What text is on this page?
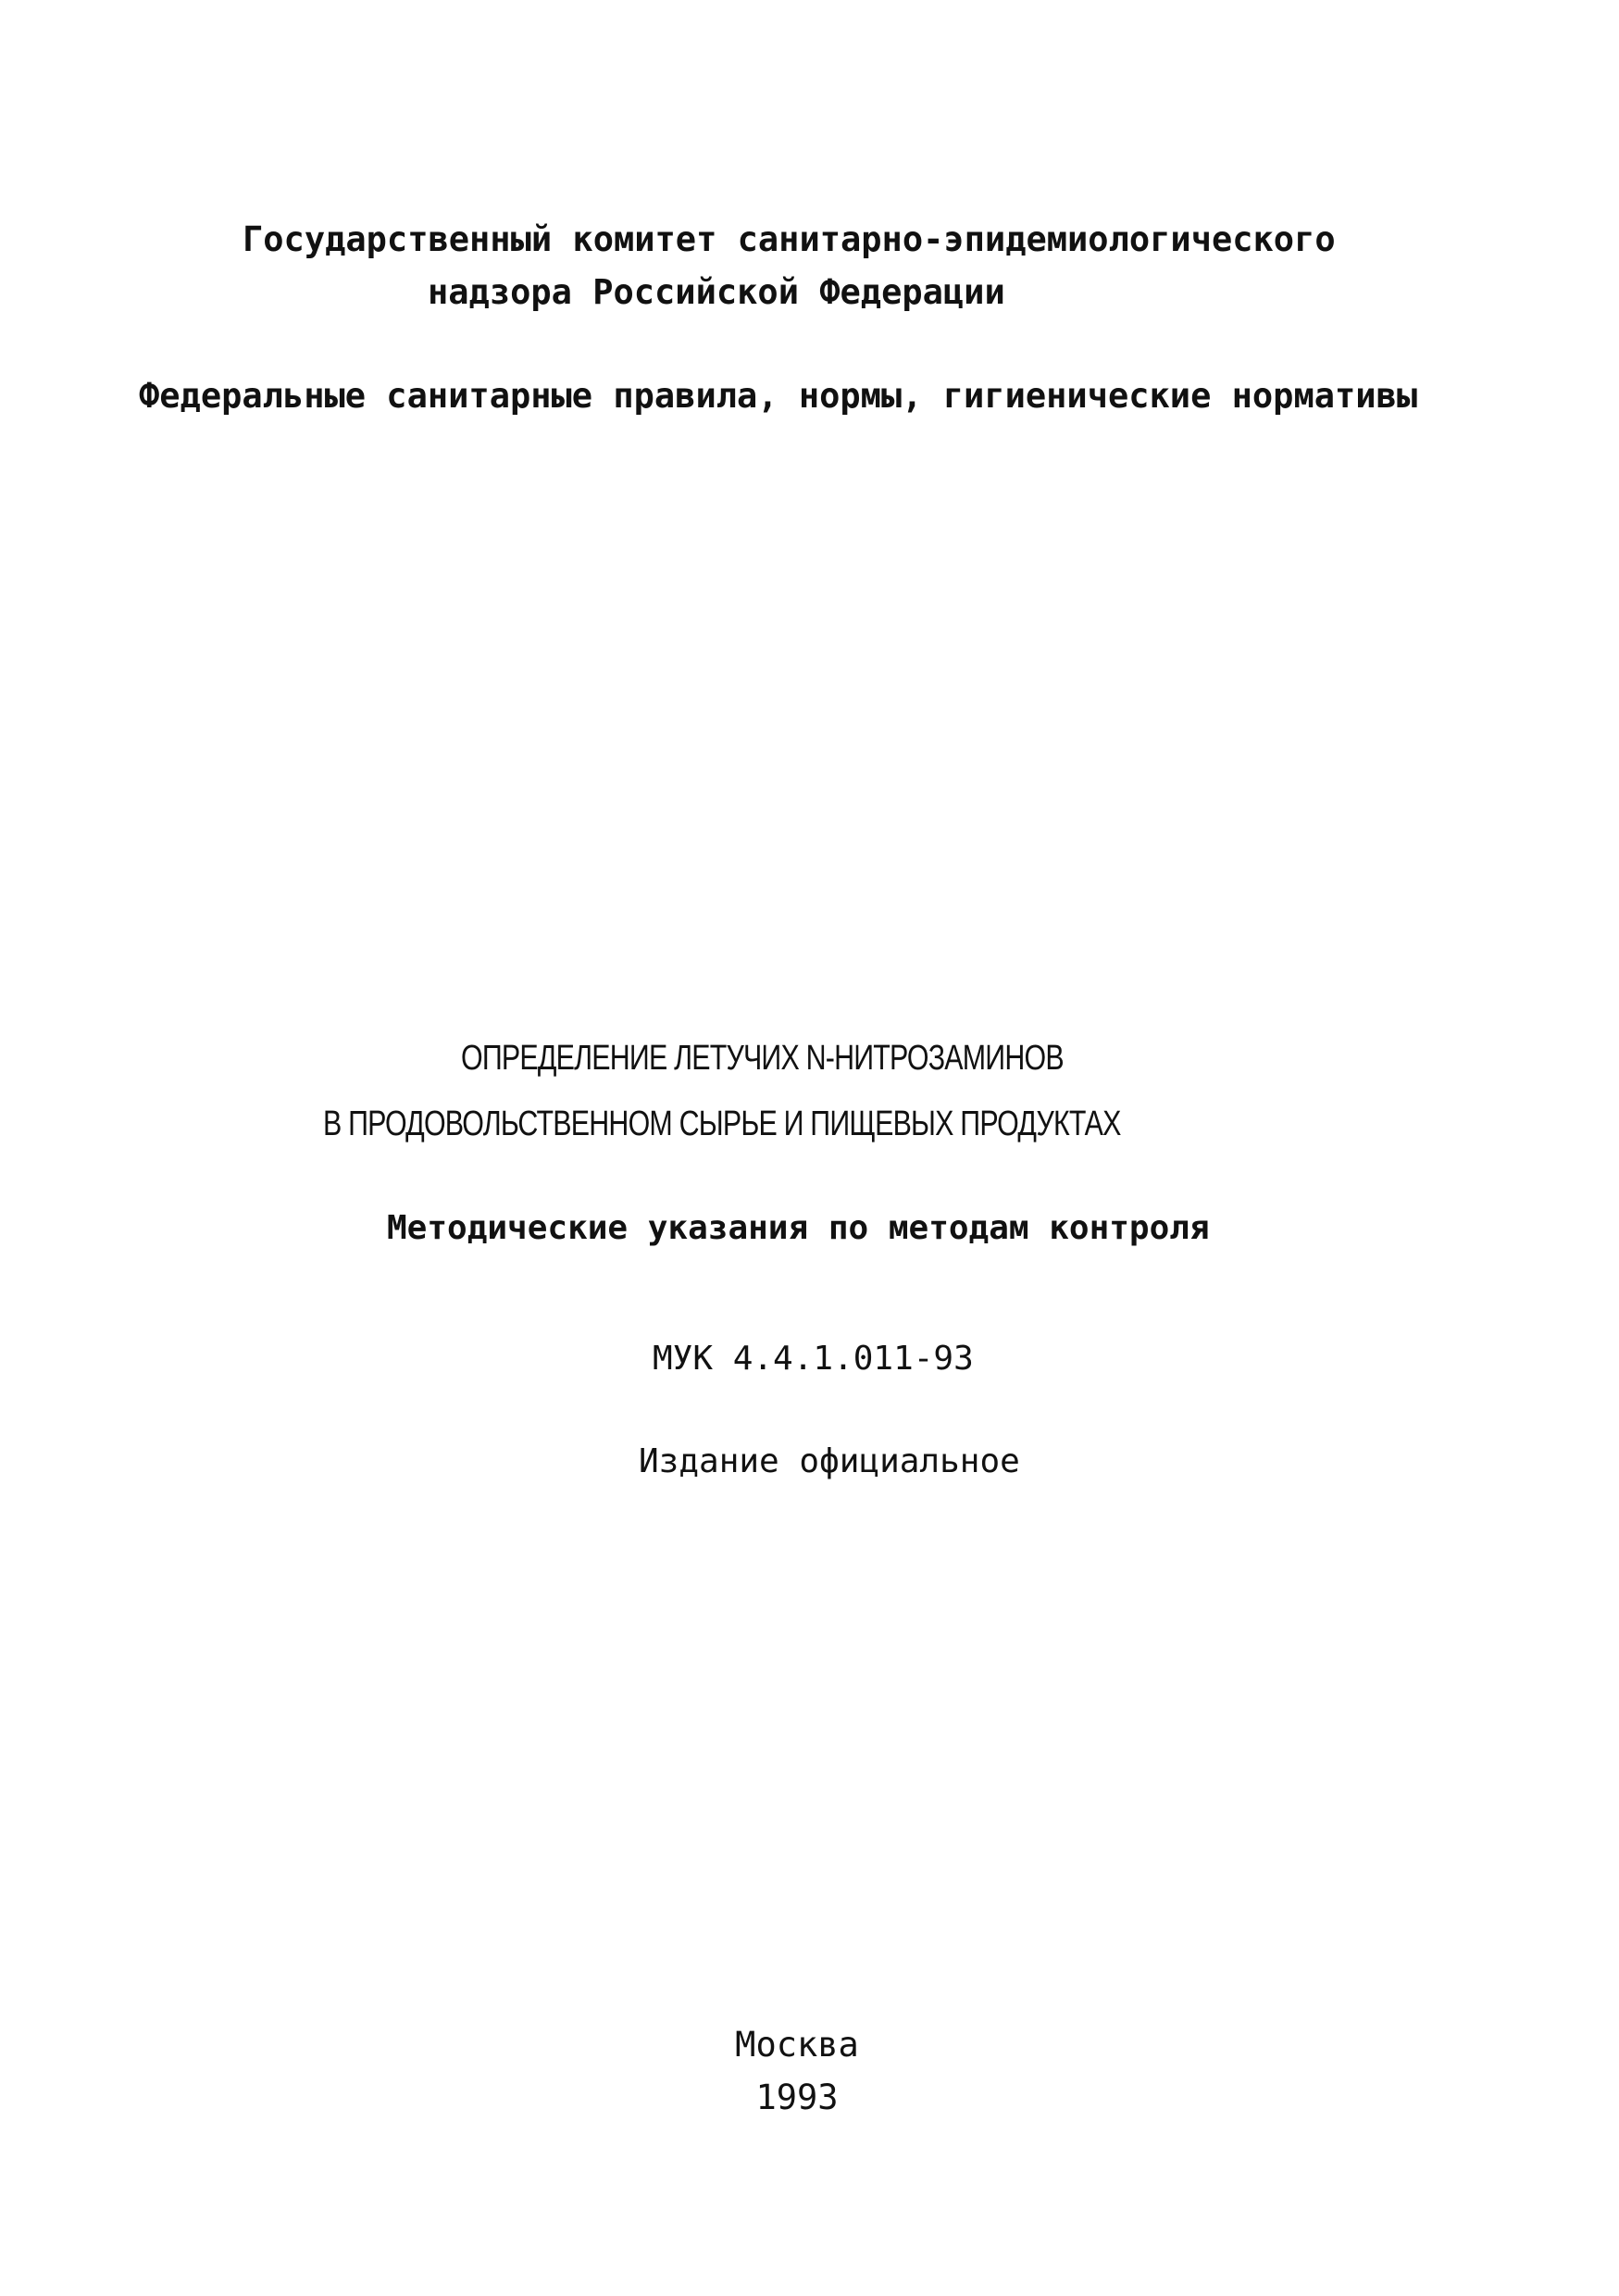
Государственный комитет санитарно-эпидемиологического
надзора Российской Федерации
Федеральные санитарные правила, нормы, гигиенические нормативы
ОПРЕДЕЛЕНИЕ ЛЕТУЧИХ N-НИТРОЗАМИНОВ
В ПРОДОВОЛЬСТВЕННОМ СЫРЬЕ И ПИЩЕВЫХ ПРОДУКТАХ
Методические указания по методам контроля
МУК 4.4.1.011-93
Издание официальное
Москва
1993
